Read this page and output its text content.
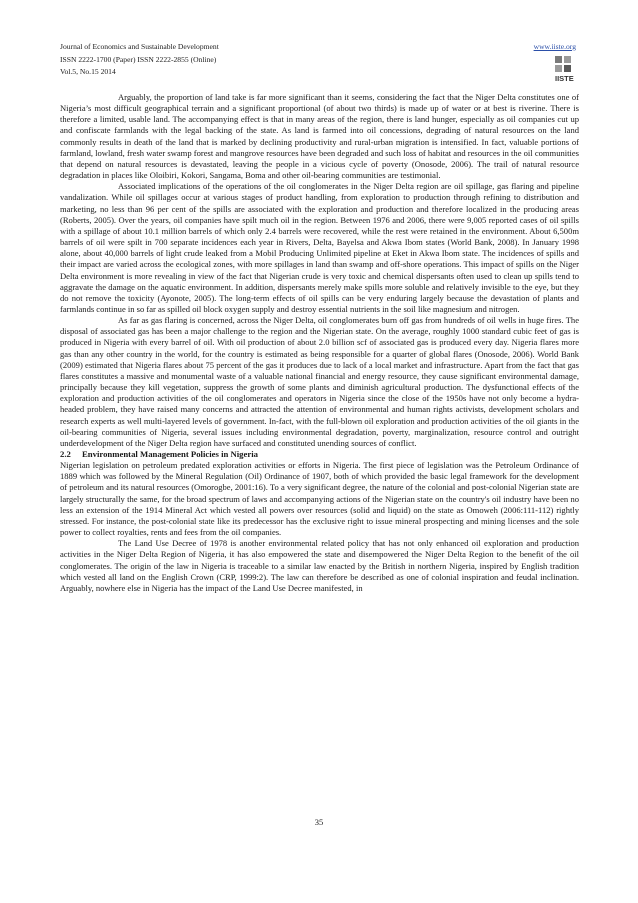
Journal of Economics and Sustainable Development	www.iiste.org
ISSN 2222-1700 (Paper) ISSN 2222-2855 (Online)
Vol.5, No.15 2014
IISTE

Arguably, the proportion of land take is far more significant than it seems, considering the fact that the Niger Delta constitutes one of Nigeria’s most difficult geographical terrain and a significant proportional (of about two thirds) is made up of water or at best is riverine. There is therefore a limited, usable land. The accompanying effect is that in many areas of the region, there is land hunger, especially as oil companies cut up and confiscate farmlands with the legal backing of the state. As land is farmed into oil concessions, degrading of natural resources on the land commonly results in death of the land that is marked by declining productivity and rural-urban migration is intensified. In fact, valuable portions of farmland, lowland, fresh water swamp forest and mangrove resources have been degraded and such loss of habitat and resources in the oil communities that depend on natural resources is devastated, leaving the people in a vicious cycle of poverty (Onosode, 2006). The trail of natural resource degradation in places like Oloibiri, Kokori, Sangama, Boma and other oil-bearing communities are testimonial.

Associated implications of the operations of the oil conglomerates in the Niger Delta region are oil spillage, gas flaring and pipeline vandalization. While oil spillages occur at various stages of product handling, from exploration to production through refining to distribution and marketing, no less than 96 per cent of the spills are associated with the exploration and production and therefore localized in the producing areas (Roberts, 2005). Over the years, oil companies have spilt much oil in the region. Between 1976 and 2006, there were 9,005 reported cases of oil spills with a spillage of about 10.1 million barrels of which only 2.4 barrels were recovered, while the rest were retained in the environment. About 6,500m barrels of oil were spilt in 700 separate incidences each year in Rivers, Delta, Bayelsa and Akwa Ibom states (World Bank, 2008). In January 1998 alone, about 40,000 barrels of light crude leaked from a Mobil Producing Unlimited pipeline at Eket in Akwa Ibom state. The incidences of spills and their impact are varied across the ecological zones, with more spillages in land than swamp and off-shore operations. This impact of spills on the Niger Delta environment is more revealing in view of the fact that Nigerian crude is very toxic and chemical dispersants often used to clean up spills tend to aggravate the damage on the aquatic environment. In addition, dispersants merely make spills more soluble and relatively invisible to the eye, but they do not remove the toxicity (Ayonote, 2005). The long-term effects of oil spills can be very enduring largely because the devastation of plants and farmlands continue in so far as spilled oil block oxygen supply and destroy essential nutrients in the soil like magnesium and nitrogen.

As far as gas flaring is concerned, across the Niger Delta, oil conglomerates burn off gas from hundreds of oil wells in huge fires. The disposal of associated gas has been a major challenge to the region and the Nigerian state. On the average, roughly 1000 standard cubic feet of gas is produced in Nigeria with every barrel of oil. With oil production of about 2.0 billion scf of associated gas is produced every day. Nigeria flares more gas than any other country in the world, for the country is estimated as being responsible for a quarter of global flares (Onosode, 2006). World Bank (2009) estimated that Nigeria flares about 75 percent of the gas it produces due to lack of a local market and infrastructure. Apart from the fact that gas flares constitutes a massive and monumental waste of a valuable national financial and energy resource, they cause significant environmental damage, principally because they kill vegetation, suppress the growth of some plants and diminish agricultural production. The dysfunctional effects of the exploration and production activities of the oil conglomerates and operators in Nigeria since the close of the 1950s have not only become a hydra-headed problem, they have raised many concerns and attracted the attention of environmental and human rights activists, development scholars and research experts as well multi-layered levels of government. In-fact, with the full-blown oil exploration and production activities of the oil giants in the oil-bearing communities of Nigeria, several issues including environmental degradation, poverty, marginalization, resource control and outright underdevelopment of the Niger Delta region have surfaced and constituted unending sources of conflict.

2.2 Environmental Management Policies in Nigeria

Nigerian legislation on petroleum predated exploration activities or efforts in Nigeria. The first piece of legislation was the Petroleum Ordinance of 1889 which was followed by the Mineral Regulation (Oil) Ordinance of 1907, both of which provided the basic legal framework for the development of petroleum and its natural resources (Omorogbe, 2001:16). To a very significant degree, the nature of the colonial and post-colonial Nigerian state are largely structurally the same, for the broad spectrum of laws and accompanying actions of the Nigerian state on the country's oil industry have been no less an extension of the 1914 Mineral Act which vested all powers over resources (solid and liquid) on the state as Omoweh (2006:111-112) rightly stressed. For instance, the post-colonial state like its predecessor has the exclusive right to issue mineral prospecting and mining licenses and the sole power to collect royalties, rents and fees from the oil companies.

The Land Use Decree of 1978 is another environmental related policy that has not only enhanced oil exploration and production activities in the Niger Delta Region of Nigeria, it has also empowered the state and disempowered the Niger Delta Region to the benefit of the oil conglomerates. The origin of the law in Nigeria is traceable to a similar law enacted by the British in northern Nigeria, inspired by English tradition which vested all land on the English Crown (CRP, 1999:2). The law can therefore be described as one of colonial inspiration and feudal inclination. Arguably, nowhere else in Nigeria has the impact of the Land Use Decree manifested, in

35
